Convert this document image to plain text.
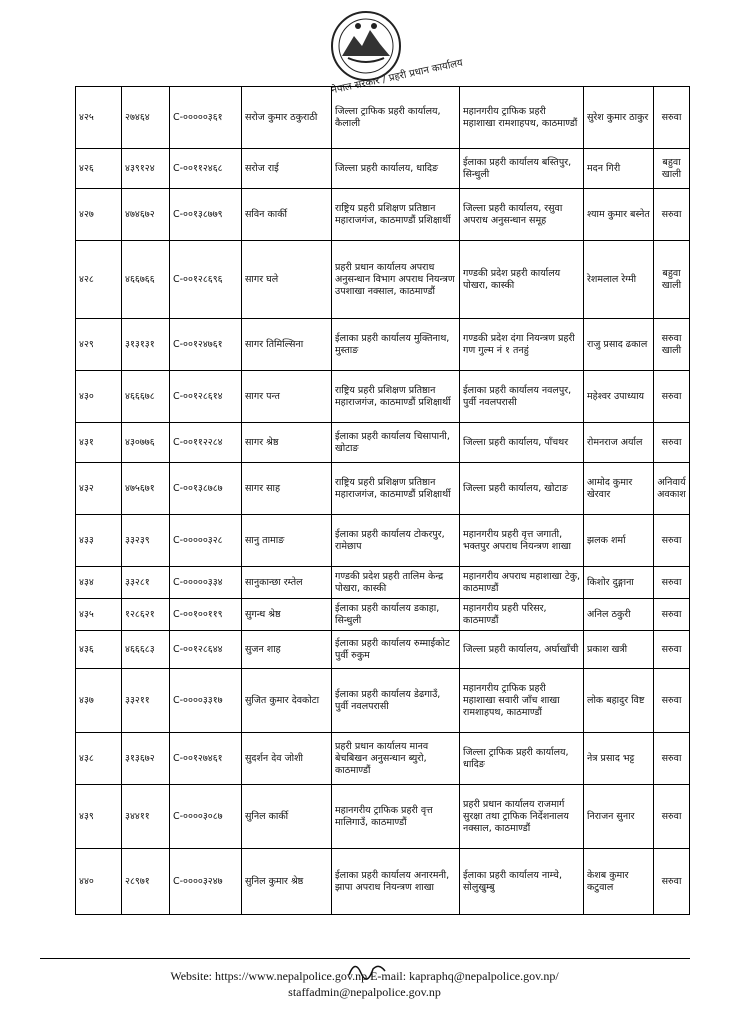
नेपाल सरकार / प्रहरी प्रधान कार्यालय
४२५	२७४६४	C-०००००३६१	सरोज कुमार ठकुराठी	जिल्ला ट्राफिक प्रहरी कार्यालय, कैलाली	महानगरीय ट्राफिक प्रहरी महाशाखा रामशाहपथ, काठमाण्डौं	सुरेश कुमार ठाकुर	सरुवा
४२६	४३९१२४	C-००११२४६८	सरोज राई	जिल्ला प्रहरी कार्यालय, धादिङ	ईलाका प्रहरी कार्यालय बस्तिपुर, सिन्धुली	मदन गिरी	बहुवा खाली
४२७	४७४६७२	C-००१३८७७९	सविन कार्की	राष्ट्रिय प्रहरी प्रशिक्षण प्रतिष्ठान महाराजगंज, काठमाण्डौं प्रशिक्षार्थी	जिल्ला प्रहरी कार्यालय, रसुवा अपराध अनुसन्धान समूह	श्याम कुमार बस्नेत	सरुवा
४२८	४६६७६६	C-००१२८६९६	सागर घले	प्रहरी प्रधान कार्यालय अपराध अनुसन्धान विभाग अपराध नियन्त्रण उपशाखा नक्साल, काठमाण्डौं	गण्डकी प्रदेश प्रहरी कार्यालय पोखरा, कास्की	रेशमलाल रेग्मी	बहुवा खाली
४२९	३१३१३१	C-००१२४७६१	सागर तिमिल्सिना	ईलाका प्रहरी कार्यालय मुक्तिनाथ, मुस्ताङ	गण्डकी प्रदेश दंगा नियन्त्रण प्रहरी गण गुल्म नं १ तनहुं	राजु प्रसाद ढकाल	सरुवा खाली
४३०	४६६६७८	C-००१२८६१४	सागर पन्त	राष्ट्रिय प्रहरी प्रशिक्षण प्रतिष्ठान महाराजगंज, काठमाण्डौं प्रशिक्षार्थी	ईलाका प्रहरी कार्यालय नवलपुर, पुर्वी नवलपरासी	महेश्वर उपाध्याय	सरुवा
४३१	४३०७७६	C-००११२२८४	सागर श्रेष्ठ	ईलाका प्रहरी कार्यालय चिसापानी, खोटाङ	जिल्ला प्रहरी कार्यालय, पाँचथर	रोमनराज अर्याल	सरुवा
४३२	४७५६७१	C-००१३८७८७	सागर साह	राष्ट्रिय प्रहरी प्रशिक्षण प्रतिष्ठान महाराजगंज, काठमाण्डौं प्रशिक्षार्थी	जिल्ला प्रहरी कार्यालय, खोटाङ	आमोद कुमार खेरवार	अनिवार्य अवकाश
४३३	३३२३९	C-०००००३२८	सानु तामाङ	ईलाका प्रहरी कार्यालय टोकरपुर, रामेछाप	महानगरीय प्रहरी वृत्त जगाती, भक्तपुर अपराध नियन्त्रण शाखा	झलक शर्मा	सरुवा
४३४	३३२८१	C-०००००३३४	सानुकान्छा रम्तेल	गण्डकी प्रदेश प्रहरी तालिम केन्द्र पोखरा, कास्की	महानगरीय अपराध महाशाखा टेकु, काठमाण्डौं	किशोर दुङ्गाना	सरुवा
४३५	१२८६२१	C-००१००११९	सुगन्ध श्रेष्ठ	ईलाका प्रहरी कार्यालय डकाहा, सिन्धुली	महानगरीय प्रहरी परिसर, काठमाण्डौं	अनिल ठकुरी	सरुवा
४३६	४६६६८३	C-००१२८६४४	सुजन शाह	ईलाका प्रहरी कार्यालय रुम्माईकोट पुर्वी रुकुम	जिल्ला प्रहरी कार्यालय, अर्घाखाँची	प्रकाश खत्री	सरुवा
४३७	३३२११	C-००००३३१७	सुजित कुमार देवकोटा	ईलाका प्रहरी कार्यालय डेढगाउँ, पुर्वी नवलपरासी	महानगरीय ट्राफिक प्रहरी महाशाखा सवारी जाँच शाखा रामशाहपथ, काठमाण्डौं	लोक बहादुर विष्ट	सरुवा
४३८	३१३६७२	C-००१२७४६१	सुदर्शन देव जोशी	प्रहरी प्रधान कार्यालय मानव बेचबिखन अनुसन्धान ब्युरो, काठमाण्डौं	जिल्ला ट्राफिक प्रहरी कार्यालय, धादिङ	नेत्र प्रसाद भट्ट	सरुवा
४३९	३४४११	C-००००३०८७	सुनिल कार्की	महानगरीय ट्राफिक प्रहरी वृत्त मालिगाउँ, काठमाण्डौं	प्रहरी प्रधान कार्यालय राजमार्ग सुरक्षा तथा ट्राफिक निर्देशनालय नक्साल, काठमाण्डौं	निराजन सुनार	सरुवा
४४०	२८९७१	C-००००३२४७	सुनिल कुमार श्रेष्ठ	ईलाका प्रहरी कार्यालय अनारमनी, झापा अपराध नियन्त्रण शाखा	ईलाका प्रहरी कार्यालय नाम्चे, सोलुखुम्बु	केशब कुमार कटुवाल	सरुवा
Website: https://www.nepalpolice.gov.np E-mail: kapraphq@nepalpolice.gov.np/
staffadmin@nepalpolice.gov.np
